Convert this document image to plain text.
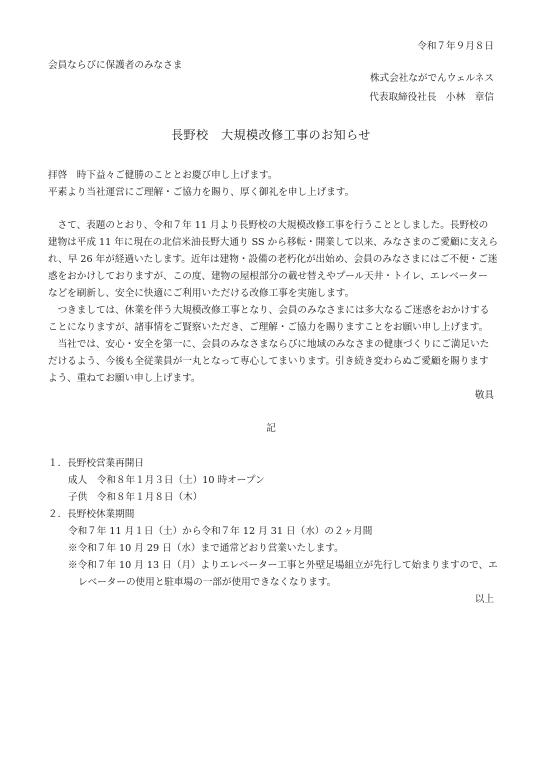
令和７年９月８日
会員ならびに保護者のみなさま
株式会社ながでんウェルネス
代表取締役社長　小林　章信
長野校　大規模改修工事のお知らせ
拝啓　時下益々ご健勝のこととお慶び申し上げます。
平素より当社運営にご理解・ご協力を賜り、厚く御礼を申し上げます。
　さて、表題のとおり、令和７年 11 月より長野校の大規模改修工事を行うこととしました。長野校の
建物は平成 11 年に現在の北信米油長野大通り SS から移転・開業して以来、みなさまのご愛顧に支えら
れ、早 26 年が経過いたします。近年は建物・設備の老朽化が出始め、会員のみなさまにはご不便・ご迷
惑をおかけしておりますが、この度、建物の屋根部分の載せ替えやプール天井・トイレ、エレベーター
などを刷新し、安全に快適にご利用いただける改修工事を実施します。
　つきましては、休業を伴う大規模改修工事となり、会員のみなさまには多大なるご迷惑をおかけする
ことになりますが、諸事情をご賢察いただき、ご理解・ご協力を賜りますことをお願い申し上げます。
　当社では、安心・安全を第一に、会員のみなさまならびに地域のみなさまの健康づくりにご満足いた
だけるよう、今後も全従業員が一丸となって専心してまいります。引き続き変わらぬご愛顧を賜ります
よう、重ねてお願い申し上げます。
敬具
記
１．長野校営業再開日
成人　令和８年１月３日（土）10 時オープン
子供　令和８年１月８日（木）
２．長野校休業期間
令和７年 11 月１日（土）から令和７年 12 月 31 日（水）の２ヶ月間
※令和７年 10 月 29 日（水）まで通常どおり営業いたします。
※令和７年 10 月 13 日（月）よりエレベーター工事と外壁足場組立が先行して始まりますので、エ
レベーターの使用と駐車場の一部が使用できなくなります。
以上
